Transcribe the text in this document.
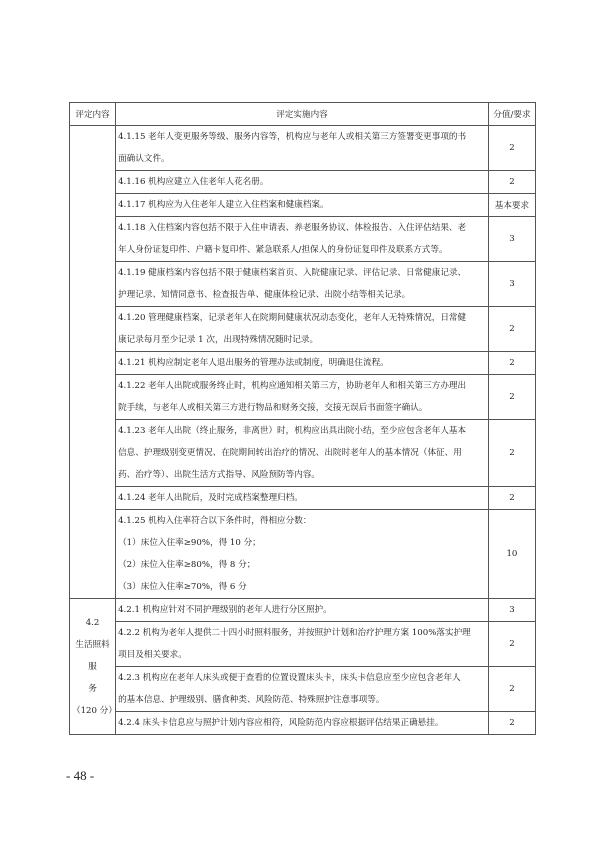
评定内容	评定实施内容	分值/要求

	4.1.15 老年人变更服务等级、服务内容等，机构应与老年人或相关第三方签署变更事项的书
面确认文件。	2

	4.1.16 机构应建立入住老年人花名册。	2

	4.1.17 机构应为入住老年人建立入住档案和健康档案。	基本要求

	4.1.18 入住档案内容包括不限于入住申请表、养老服务协议、体检报告、入住评估结果、老
年人身份证复印件、户籍卡复印件、紧急联系人/担保人的身份证复印件及联系方式等。	3

	4.1.19 健康档案内容包括不限于健康档案首页、入院健康记录、评估记录、日常健康记录、
护理记录、知情同意书、检查报告单、健康体检记录、出院小结等相关记录。	3

	4.1.20 管理健康档案，记录老年人在院期间健康状况动态变化，老年人无特殊情况，日常健
康记录每月至少记录 1 次，出现特殊情况随时记录。	2

	4.1.21 机构应制定老年人退出服务的管理办法或制度，明确退住流程。	2

	4.1.22 老年人出院或服务终止时，机构应通知相关第三方，协助老年人和相关第三方办理出
院手续，与老年人或相关第三方进行物品和财务交接，交接无误后书面签字确认。	2

	4.1.23 老年人出院（终止服务，非离世）时，机构应出具出院小结，至少应包含老年人基本
信息、护理级别变更情况、在院期间转出治疗的情况、出院时老年人的基本情况（体征、用
药、治疗等）、出院生活方式指导、风险预防等内容。	2

	4.1.24 老年人出院后，及时完成档案整理归档。	2

	4.1.25 机构入住率符合以下条件时，得相应分数：
（1）床位入住率≥90%，得 10 分；
（2）床位入住率≥80%，得 8 分；
（3）床位入住率≥70%，得 6 分	10

4.2
生活照料服
务
（120 分）	4.2.1 机构应针对不同护理级别的老年人进行分区照护。	3

	4.2.2 机构为老年人提供二十四小时照料服务，并按照护计划和治疗护理方案 100%落实护理
项目及相关要求。	2

	4.2.3 机构应在老年人床头或便于查看的位置设置床头卡，床头卡信息应至少应包含老年人
的基本信息、护理级别、膳食种类、风险防范、特殊照护注意事项等。	2

	4.2.4 床头卡信息应与照护计划内容应相符，风险防范内容应根据评估结果正确悬挂。	2
- 48 -
